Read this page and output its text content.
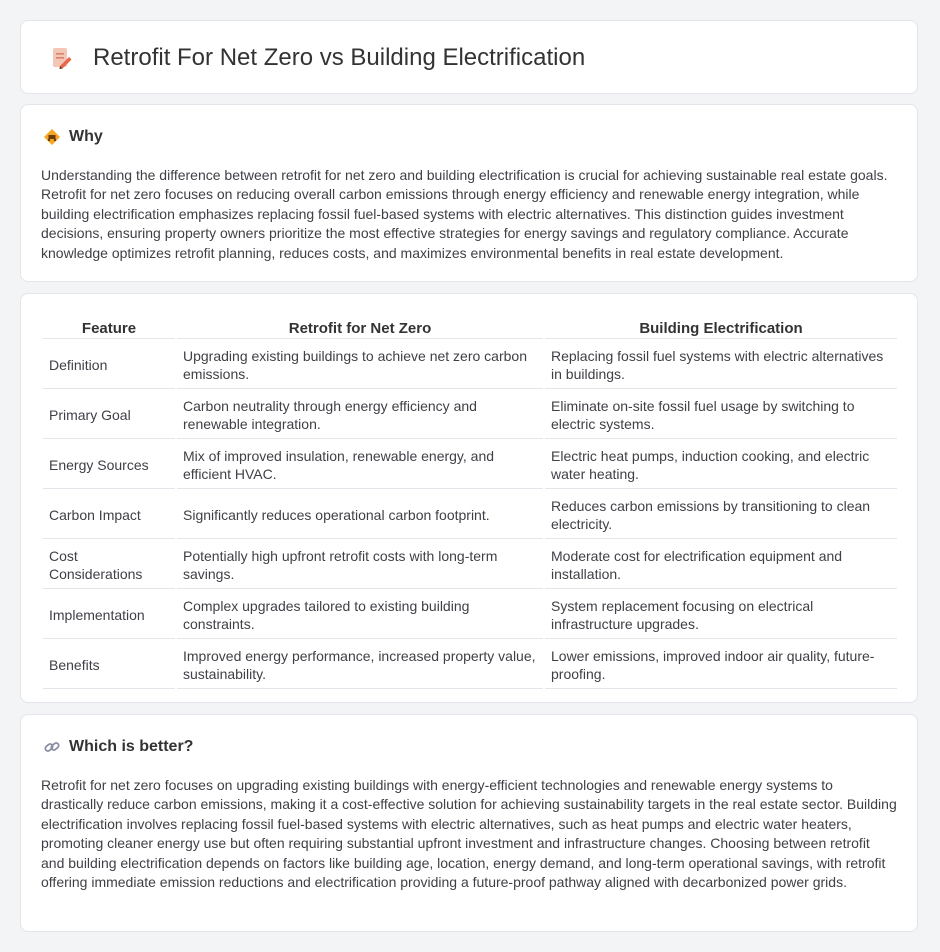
Retrofit For Net Zero vs Building Electrification
Why

Understanding the difference between retrofit for net zero and building electrification is crucial for achieving sustainable real estate goals. Retrofit for net zero focuses on reducing overall carbon emissions through energy efficiency and renewable energy integration, while building electrification emphasizes replacing fossil fuel-based systems with electric alternatives. This distinction guides investment decisions, ensuring property owners prioritize the most effective strategies for energy savings and regulatory compliance. Accurate knowledge optimizes retrofit planning, reduces costs, and maximizes environmental benefits in real estate development.

Feature	Retrofit for Net Zero	Building Electrification
Definition	Upgrading existing buildings to achieve net zero carbon emissions.	Replacing fossil fuel systems with electric alternatives in buildings.
Primary Goal	Carbon neutrality through energy efficiency and renewable integration.	Eliminate on-site fossil fuel usage by switching to electric systems.
Energy Sources	Mix of improved insulation, renewable energy, and efficient HVAC.	Electric heat pumps, induction cooking, and electric water heating.
Carbon Impact	Significantly reduces operational carbon footprint.	Reduces carbon emissions by transitioning to clean electricity.
Cost Considerations	Potentially high upfront retrofit costs with long-term savings.	Moderate cost for electrification equipment and installation.
Implementation	Complex upgrades tailored to existing building constraints.	System replacement focusing on electrical infrastructure upgrades.
Benefits	Improved energy performance, increased property value, sustainability.	Lower emissions, improved indoor air quality, future-proofing.
Which is better?

Retrofit for net zero focuses on upgrading existing buildings with energy-efficient technologies and renewable energy systems to drastically reduce carbon emissions, making it a cost-effective solution for achieving sustainability targets in the real estate sector. Building electrification involves replacing fossil fuel-based systems with electric alternatives, such as heat pumps and electric water heaters, promoting cleaner energy use but often requiring substantial upfront investment and infrastructure changes. Choosing between retrofit and building electrification depends on factors like building age, location, energy demand, and long-term operational savings, with retrofit offering immediate emission reductions and electrification providing a future-proof pathway aligned with decarbonized power grids.
